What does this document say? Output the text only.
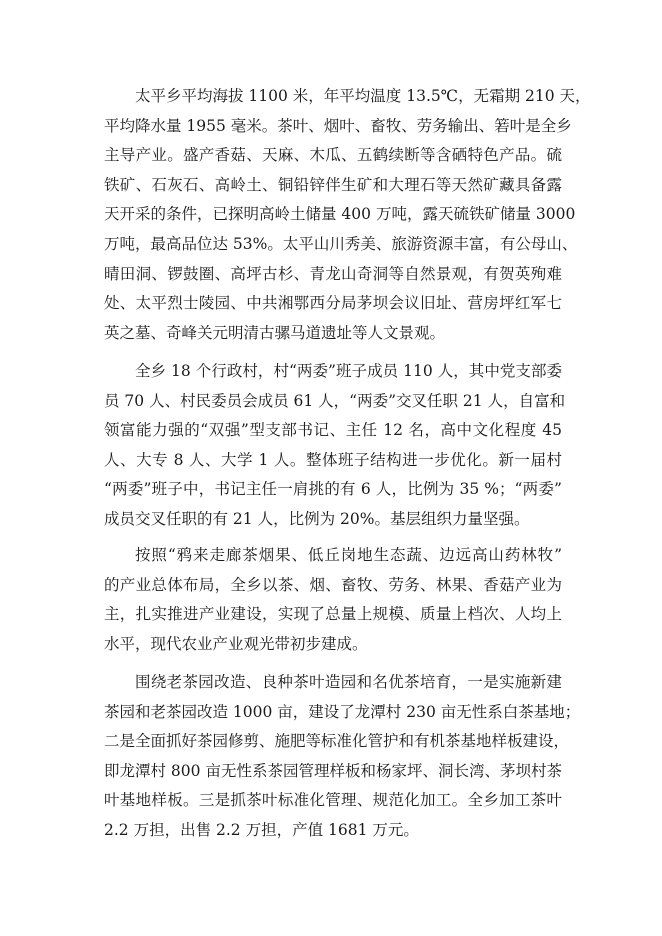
太平乡平均海拔 1100 米，年平均温度 13.5℃，无霜期 210 天，
平均降水量 1955 毫米。茶叶、烟叶、畜牧、劳务输出、箬叶是全乡
主导产业。盛产香菇、天麻、木瓜、五鹤续断等含硒特色产品。硫
铁矿、石灰石、高岭土、铜铅锌伴生矿和大理石等天然矿藏具备露
天开采的条件，已探明高岭土储量 400 万吨，露天硫铁矿储量 3000
万吨，最高品位达 53%。太平山川秀美、旅游资源丰富，有公母山、
晴田洞、锣鼓圈、高坪古杉、青龙山奇洞等自然景观，有贺英殉难
处、太平烈士陵园、中共湘鄂西分局茅坝会议旧址、营房坪红军七
英之墓、奇峰关元明清古骡马道遗址等人文景观。

全乡 18 个行政村，村“两委”班子成员 110 人，其中党支部委
员 70 人、村民委员会成员 61 人，“两委”交叉任职 21 人，自富和
领富能力强的“双强”型支部书记、主任 12 名，高中文化程度 45
人、大专 8 人、大学 1 人。整体班子结构进一步优化。新一届村
“两委”班子中，书记主任一肩挑的有 6 人，比例为 35 %；“两委”
成员交叉任职的有 21 人，比例为 20%。基层组织力量坚强。

按照“鸦来走廊茶烟果、低丘岗地生态蔬、边远高山药林牧”
的产业总体布局，全乡以茶、烟、畜牧、劳务、林果、香菇产业为
主，扎实推进产业建设，实现了总量上规模、质量上档次、人均上
水平，现代农业产业观光带初步建成。

围绕老茶园改造、良种茶叶造园和名优茶培育，一是实施新建
茶园和老茶园改造 1000 亩，建设了龙潭村 230 亩无性系白茶基地；
二是全面抓好茶园修剪、施肥等标准化管护和有机茶基地样板建设，
即龙潭村 800 亩无性系茶园管理样板和杨家坪、洞长湾、茅坝村茶
叶基地样板。三是抓茶叶标准化管理、规范化加工。全乡加工茶叶
2.2 万担，出售 2.2 万担，产值 1681 万元。
